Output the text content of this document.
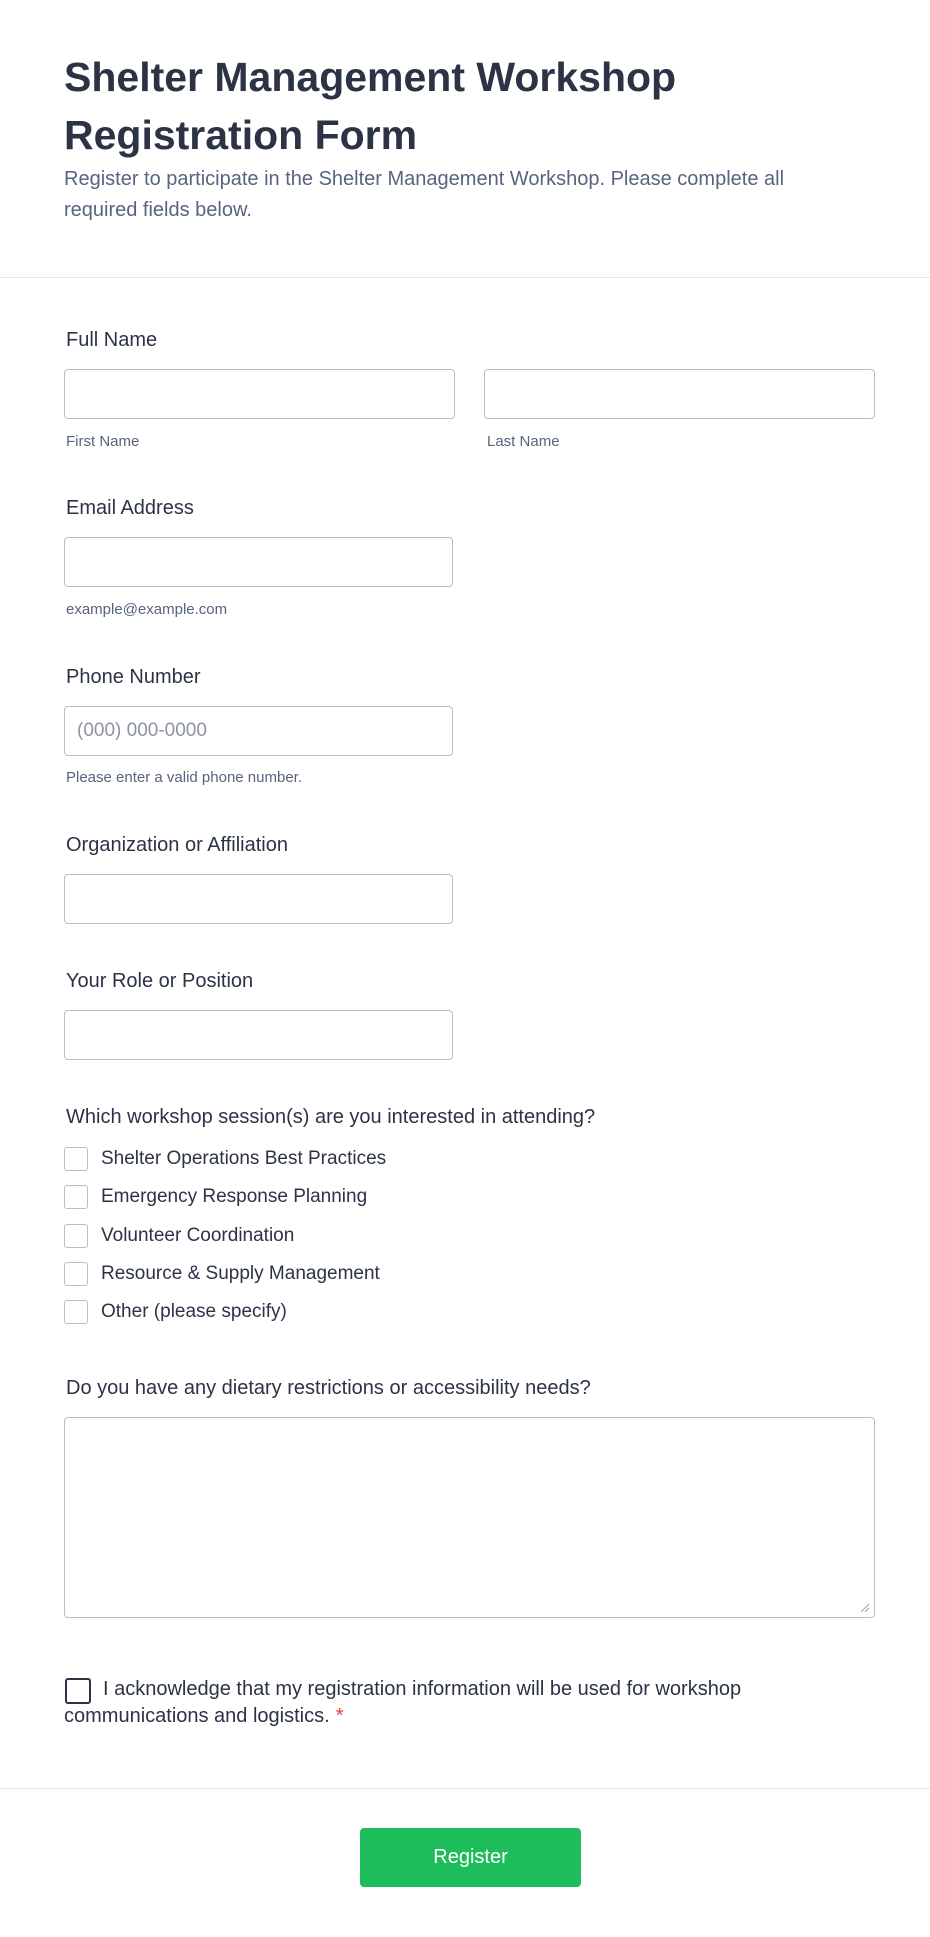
Shelter Management Workshop Registration Form

Register to participate in the Shelter Management Workshop. Please complete all required fields below.

Full Name
First Name	Last Name
Email Address
example@example.com
Phone Number
(000) 000-0000
Please enter a valid phone number.
Organization or Affiliation
Your Role or Position
Which workshop session(s) are you interested in attending?
Shelter Operations Best Practices
Emergency Response Planning
Volunteer Coordination
Resource & Supply Management
Other (please specify)
Do you have any dietary restrictions or accessibility needs?

I acknowledge that my registration information will be used for workshop communications and logistics. *

Register
